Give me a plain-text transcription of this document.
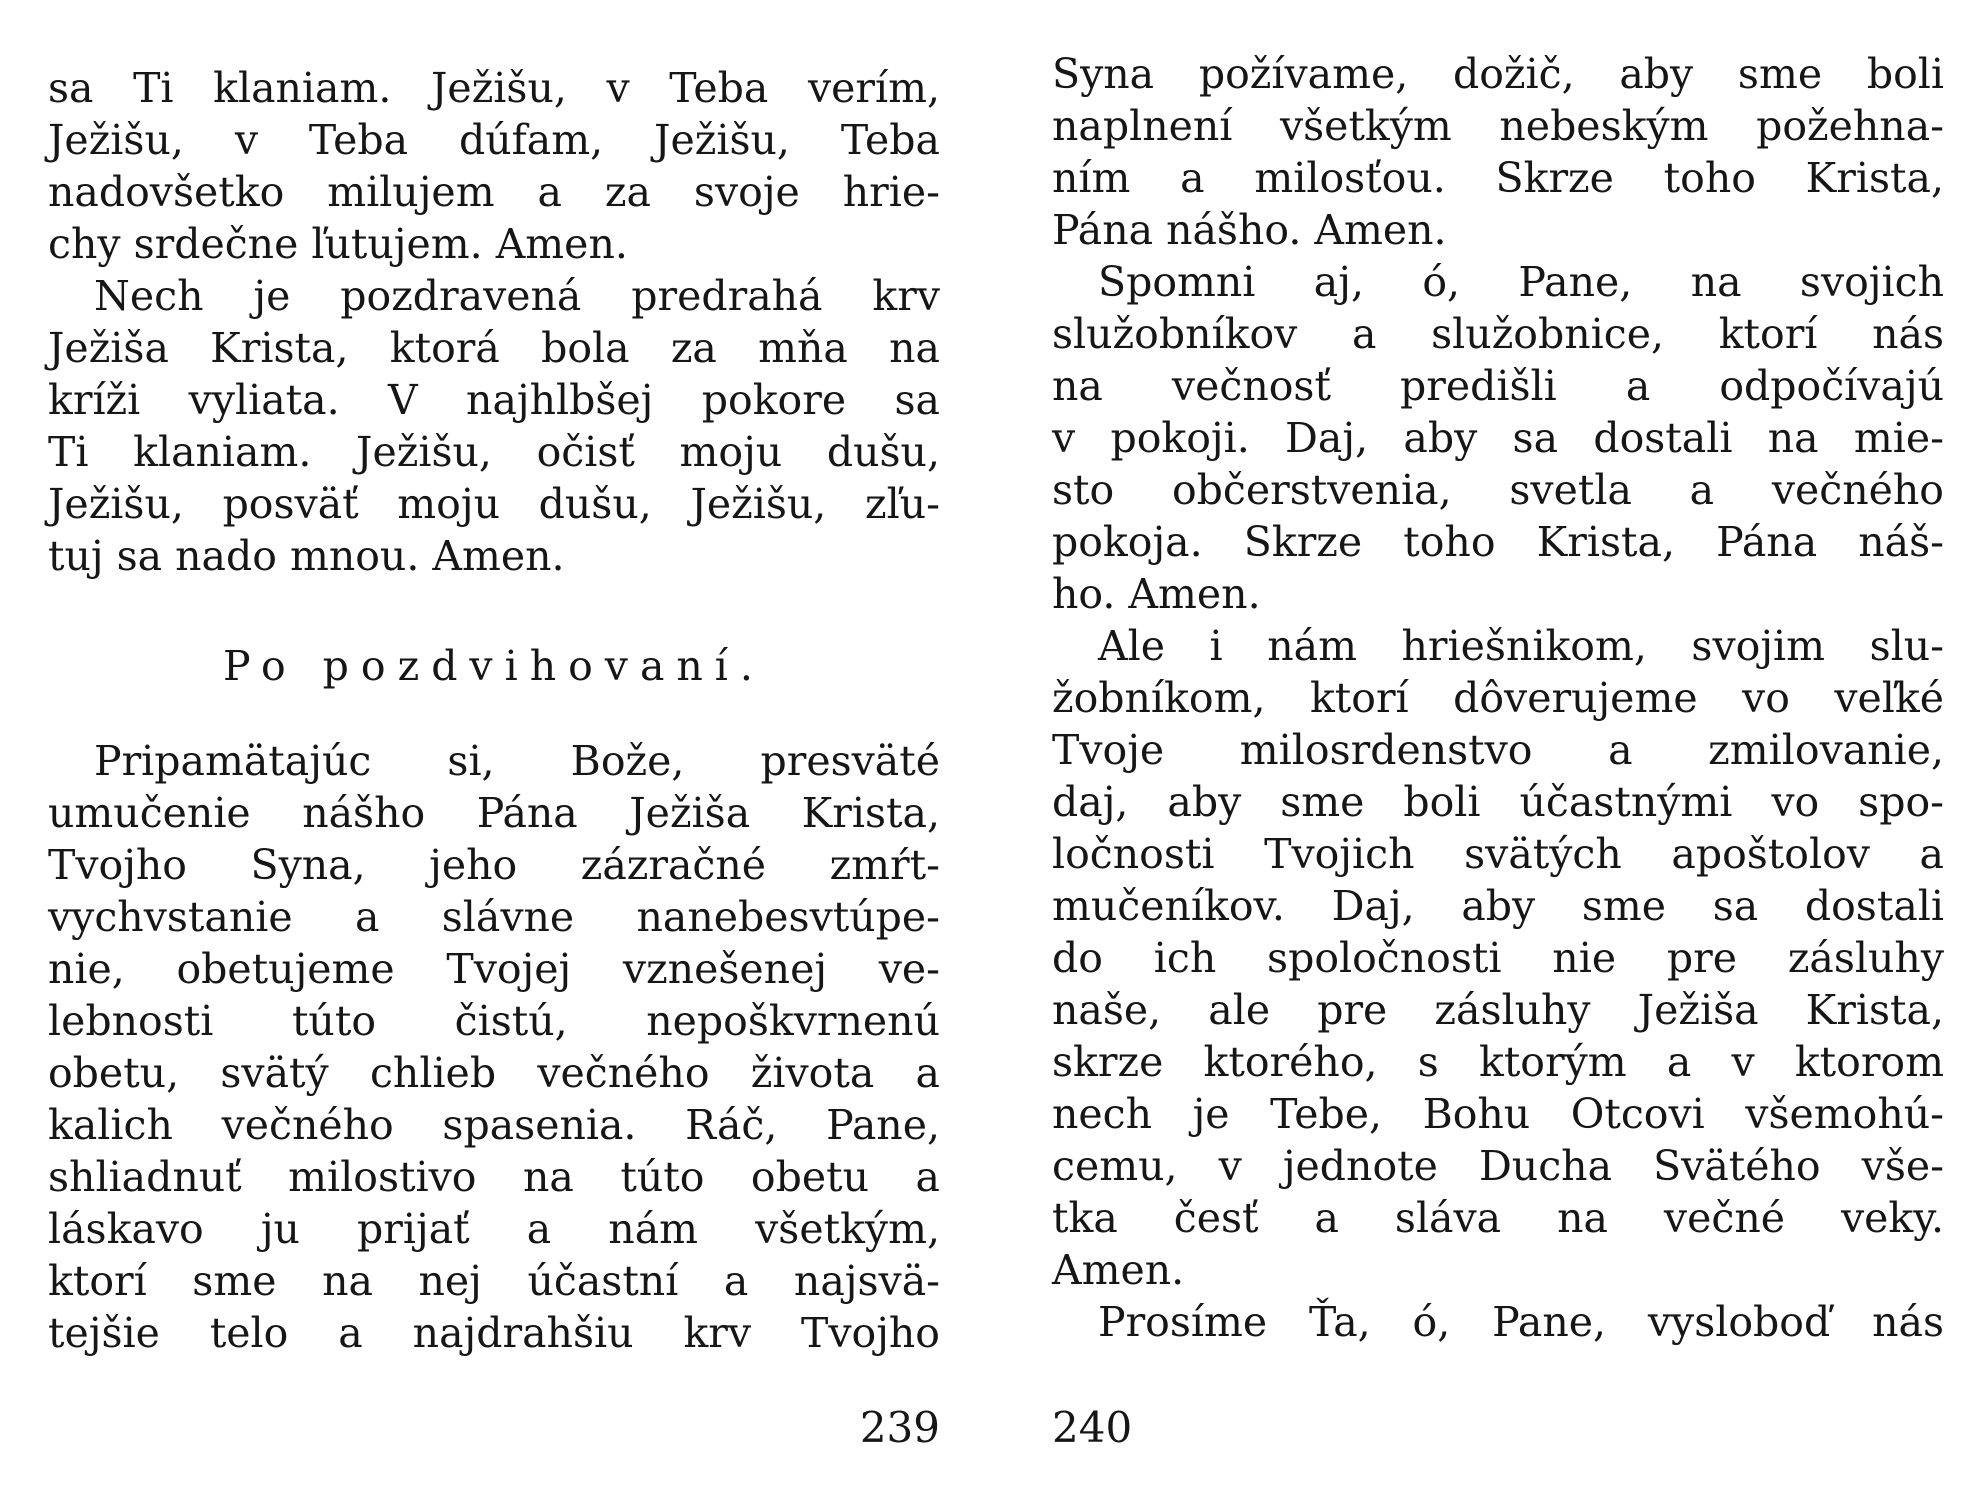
sa Ti klaniam. Ježišu, v Teba verím,
Ježišu, v Teba dúfam, Ježišu, Teba
nadovšetko milujem a za svoje hrie-
chy srdečne ľutujem. Amen.
Nech je pozdravená predrahá krv
Ježiša Krista, ktorá bola za mňa na
kríži vyliata. V najhlbšej pokore sa
Ti klaniam. Ježišu, očisť moju dušu,
Ježišu, posväť moju dušu, Ježišu, zľu-
tuj sa nado mnou. Amen.
Po pozdvihovaní.
Pripamätajúc si, Bože, presväté
umučenie nášho Pána Ježiša Krista,
Tvojho Syna, jeho zázračné zmŕt-
vychvstanie a slávne nanebesvtúpe-
nie, obetujeme Tvojej vznešenej ve-
lebnosti túto čistú, nepoškvrnenú
obetu, svätý chlieb večného života a
kalich večného spasenia. Ráč, Pane,
shliadnuť milostivo na túto obetu a
láskavo ju prijať a nám všetkým,
ktorí sme na nej účastní a najsvä-
tejšie telo a najdrahšiu krv Tvojho
239
Syna požívame, dožič, aby sme boli
naplnení všetkým nebeským požehna-
ním a milosťou. Skrze toho Krista,
Pána nášho. Amen.
Spomni aj, ó, Pane, na svojich
služobníkov a služobnice, ktorí nás
na večnosť predišli a odpočívajú
v pokoji. Daj, aby sa dostali na mie-
sto občerstvenia, svetla a večného
pokoja. Skrze toho Krista, Pána náš-
ho. Amen.
Ale i nám hriešnikom, svojim slu-
žobníkom, ktorí dôverujeme vo veľké
Tvoje milosrdenstvo a zmilovanie,
daj, aby sme boli účastnými vo spo-
ločnosti Tvojich svätých apoštolov a
mučeníkov. Daj, aby sme sa dostali
do ich spoločnosti nie pre zásluhy
naše, ale pre zásluhy Ježiša Krista,
skrze ktorého, s ktorým a v ktorom
nech je Tebe, Bohu Otcovi všemohú-
cemu, v jednote Ducha Svätého vše-
tka česť a sláva na večné veky.
Amen.
Prosíme Ťa, ó, Pane, vysloboď nás
240
